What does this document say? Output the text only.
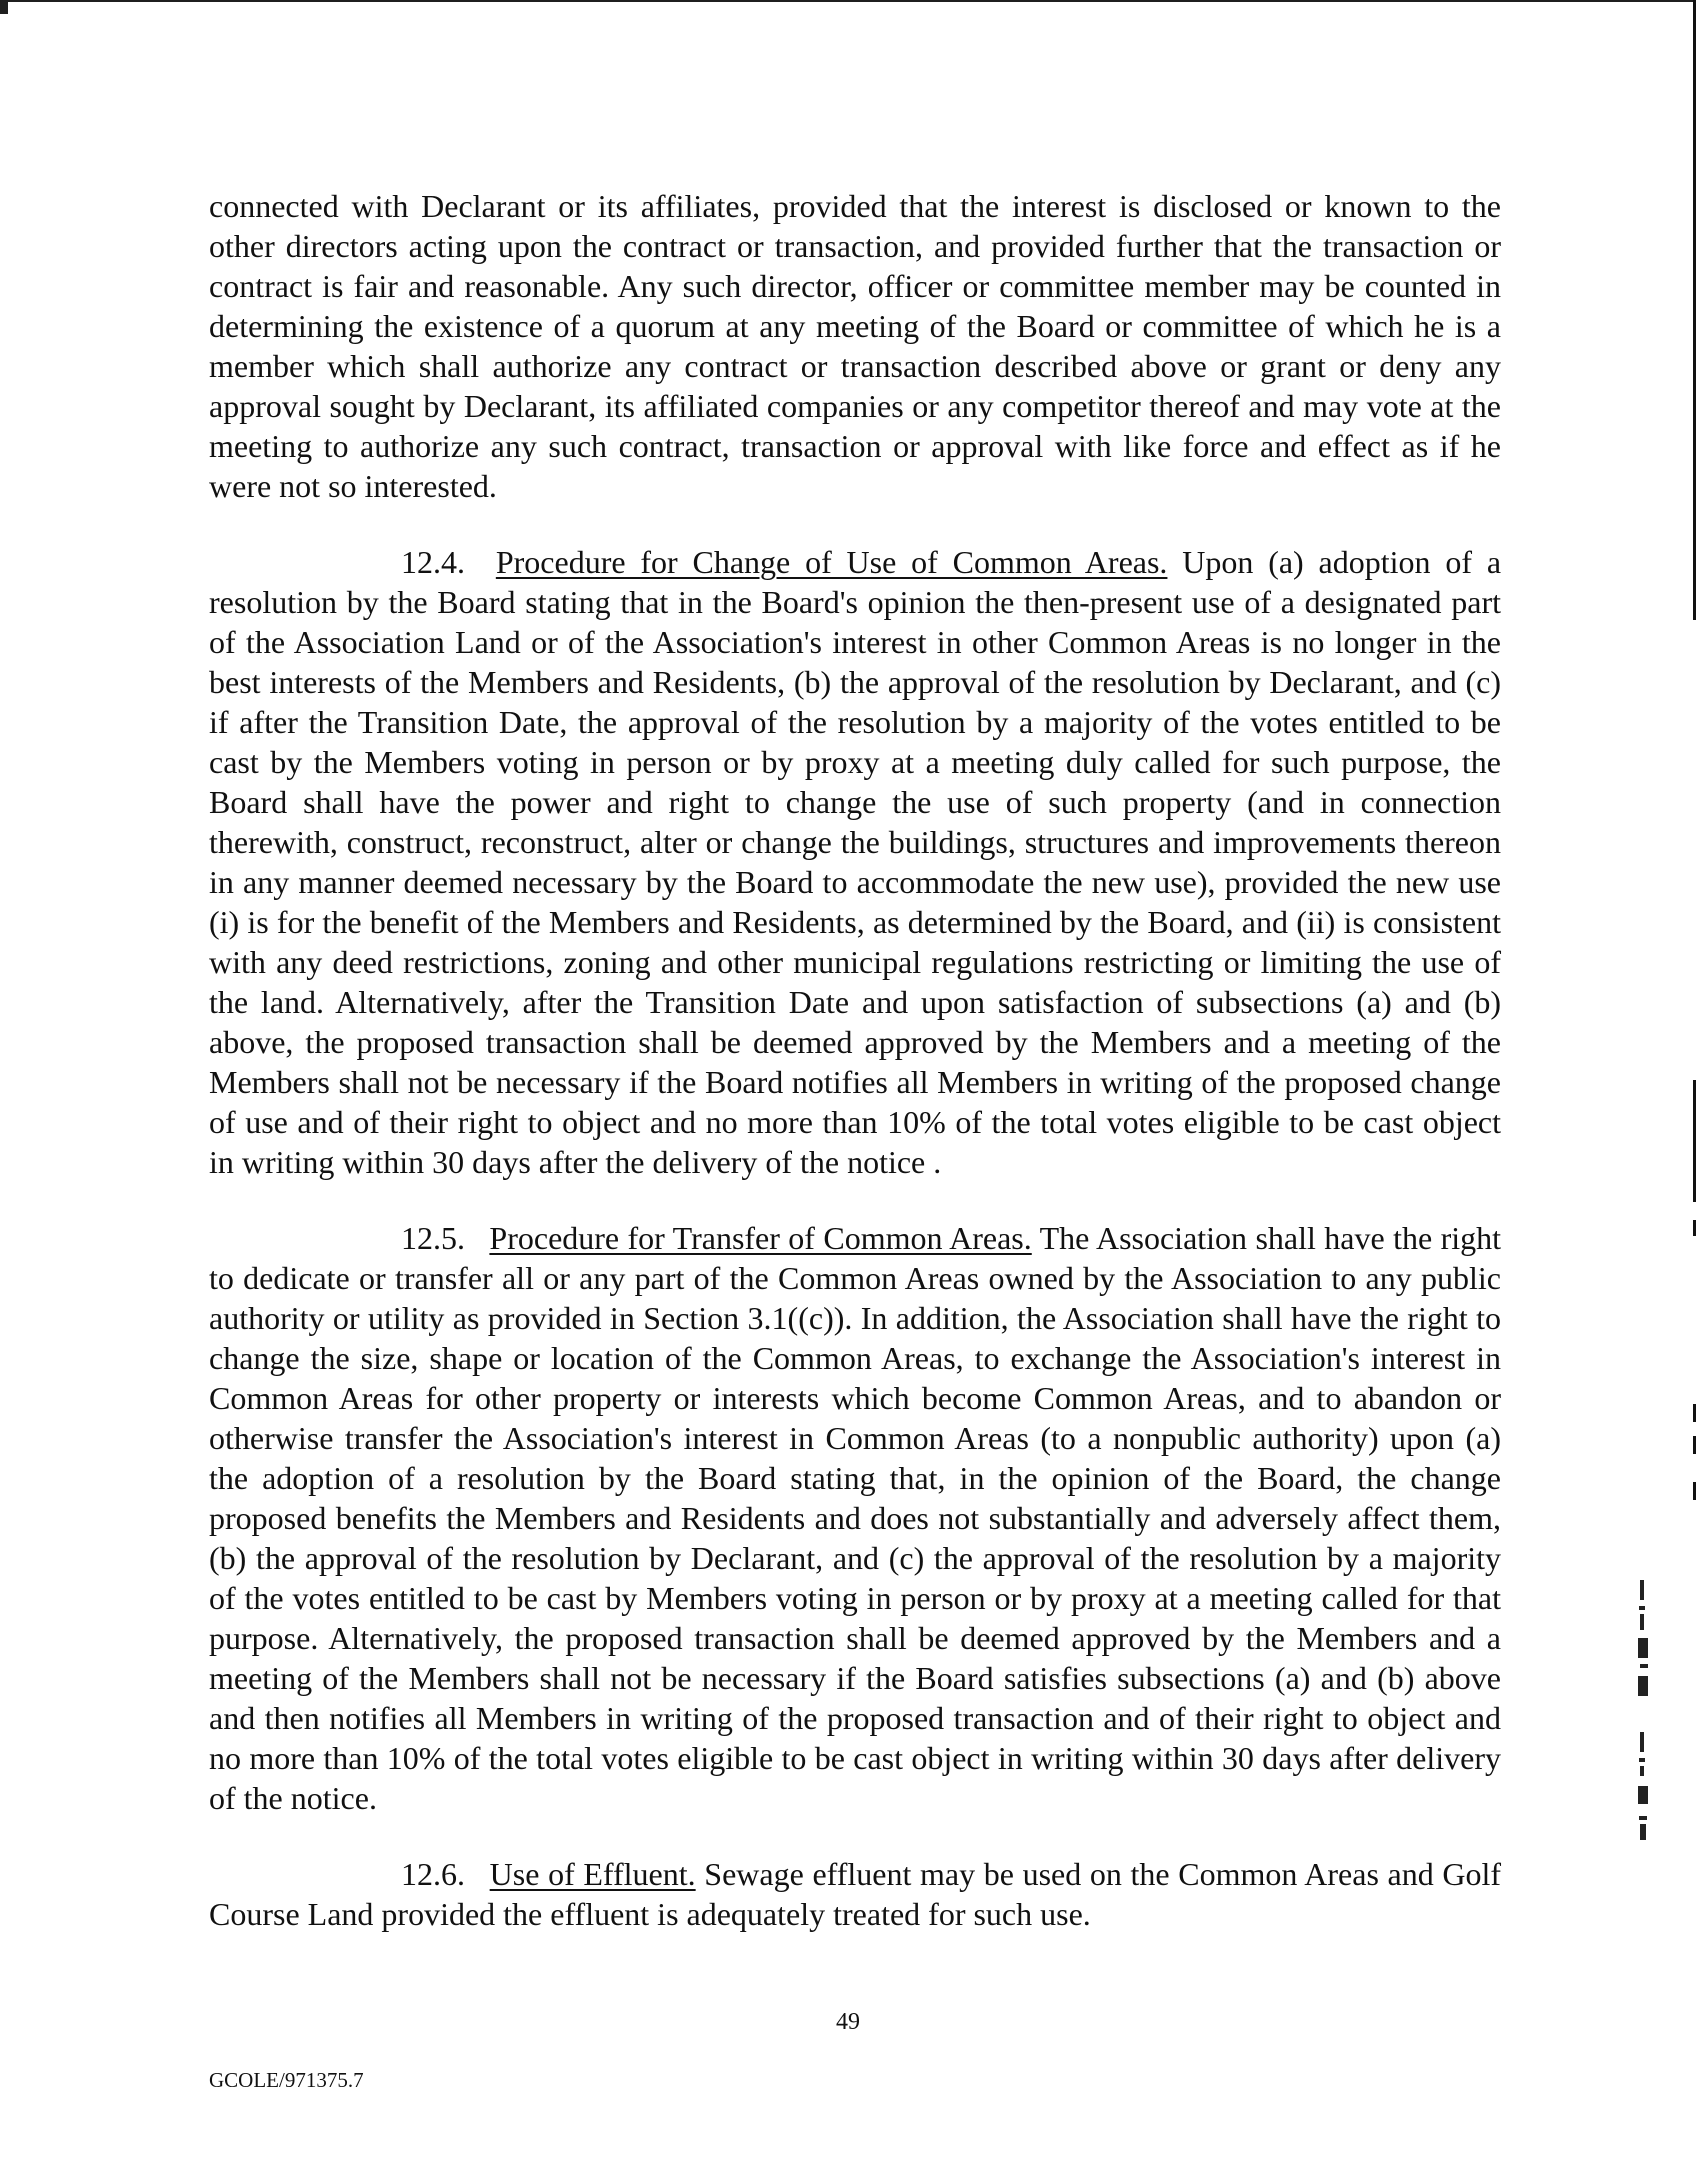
connected with Declarant or its affiliates, provided that the interest is disclosed or known to the other directors acting upon the contract or transaction, and provided further that the transaction or contract is fair and reasonable. Any such director, officer or committee member may be counted in determining the existence of a quorum at any meeting of the Board or committee of which he is a member which shall authorize any contract or transaction described above or grant or deny any approval sought by Declarant, its affiliated companies or any competitor thereof and may vote at the meeting to authorize any such contract, transaction or approval with like force and effect as if he were not so interested.

12.4. Procedure for Change of Use of Common Areas. Upon (a) adoption of a resolution by the Board stating that in the Board's opinion the then-present use of a designated part of the Association Land or of the Association's interest in other Common Areas is no longer in the best interests of the Members and Residents, (b) the approval of the resolution by Declarant, and (c) if after the Transition Date, the approval of the resolution by a majority of the votes entitled to be cast by the Members voting in person or by proxy at a meeting duly called for such purpose, the Board shall have the power and right to change the use of such property (and in connection therewith, construct, reconstruct, alter or change the buildings, structures and improvements thereon in any manner deemed necessary by the Board to accommodate the new use), provided the new use (i) is for the benefit of the Members and Residents, as determined by the Board, and (ii) is consistent with any deed restrictions, zoning and other municipal regulations restricting or limiting the use of the land. Alternatively, after the Transition Date and upon satisfaction of subsections (a) and (b) above, the proposed transaction shall be deemed approved by the Members and a meeting of the Members shall not be necessary if the Board notifies all Members in writing of the proposed change of use and of their right to object and no more than 10% of the total votes eligible to be cast object in writing within 30 days after the delivery of the notice .

12.5. Procedure for Transfer of Common Areas. The Association shall have the right to dedicate or transfer all or any part of the Common Areas owned by the Association to any public authority or utility as provided in Section 3.1((c)). In addition, the Association shall have the right to change the size, shape or location of the Common Areas, to exchange the Association's interest in Common Areas for other property or interests which become Common Areas, and to abandon or otherwise transfer the Association's interest in Common Areas (to a nonpublic authority) upon (a) the adoption of a resolution by the Board stating that, in the opinion of the Board, the change proposed benefits the Members and Residents and does not substantially and adversely affect them, (b) the approval of the resolution by Declarant, and (c) the approval of the resolution by a majority of the votes entitled to be cast by Members voting in person or by proxy at a meeting called for that purpose. Alternatively, the proposed transaction shall be deemed approved by the Members and a meeting of the Members shall not be necessary if the Board satisfies subsections (a) and (b) above and then notifies all Members in writing of the proposed transaction and of their right to object and no more than 10% of the total votes eligible to be cast object in writing within 30 days after delivery of the notice.

12.6. Use of Effluent. Sewage effluent may be used on the Common Areas and Golf Course Land provided the effluent is adequately treated for such use.

49
GCOLE/971375.7
